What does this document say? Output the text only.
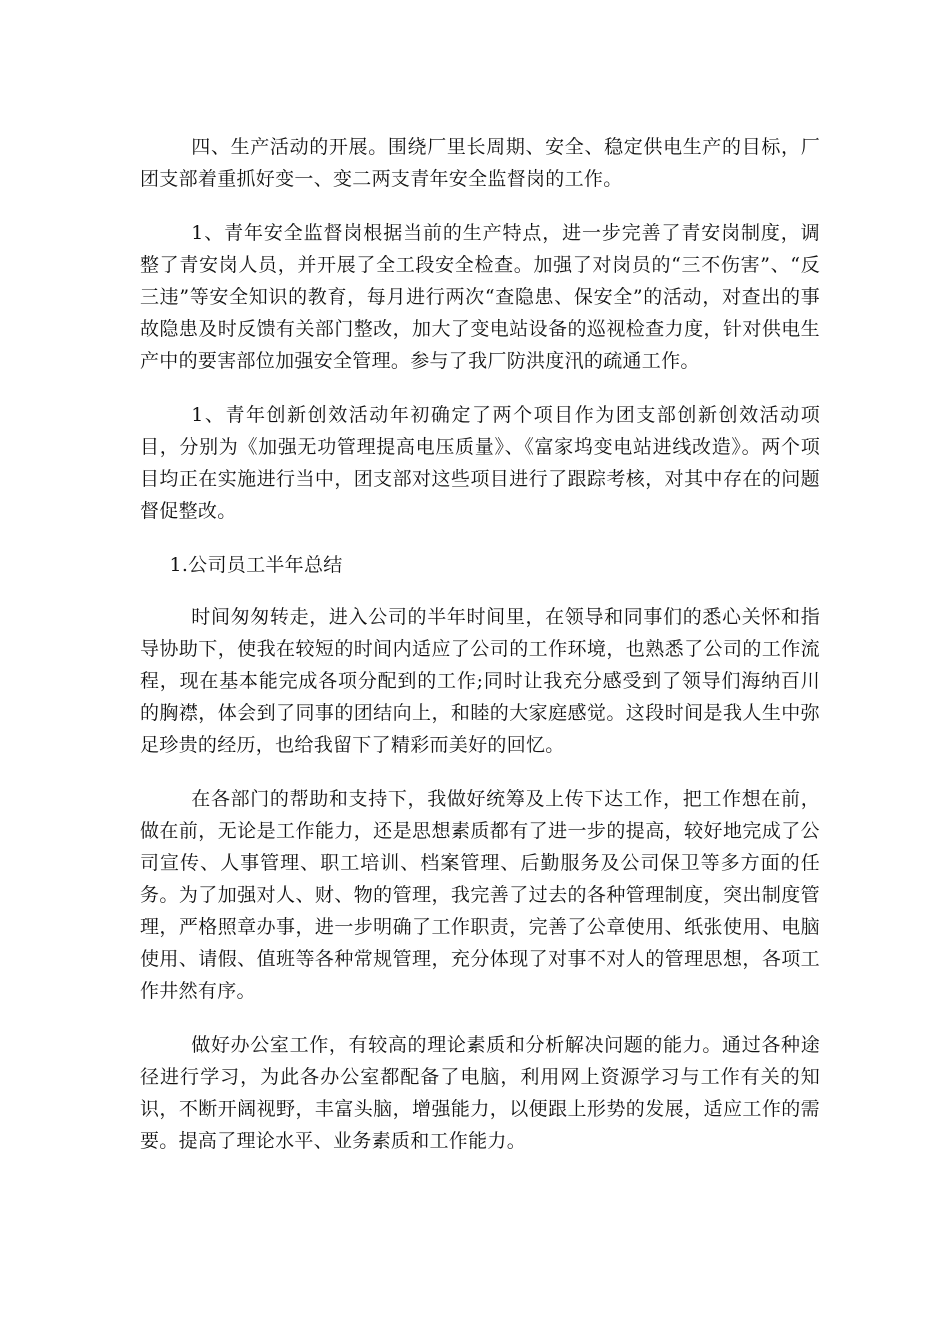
四、生产活动的开展。围绕厂里长周期、安全、稳定供电生产的目标，厂团支部着重抓好变一、变二两支青年安全监督岗的工作。

1、青年安全监督岗根据当前的生产特点，进一步完善了青安岗制度，调整了青安岗人员，并开展了全工段安全检查。加强了对岗员的“三不伤害”、“反三违”等安全知识的教育，每月进行两次“查隐患、保安全”的活动，对查出的事故隐患及时反馈有关部门整改，加大了变电站设备的巡视检查力度，针对供电生产中的要害部位加强安全管理。参与了我厂防洪度汛的疏通工作。

1、青年创新创效活动年初确定了两个项目作为团支部创新创效活动项目，分别为《加强无功管理提高电压质量》、《富家坞变电站进线改造》。两个项目均正在实施进行当中，团支部对这些项目进行了跟踪考核，对其中存在的问题督促整改。

1.公司员工半年总结

时间匆匆转走，进入公司的半年时间里，在领导和同事们的悉心关怀和指导协助下，使我在较短的时间内适应了公司的工作环境，也熟悉了公司的工作流程，现在基本能完成各项分配到的工作;同时让我充分感受到了领导们海纳百川的胸襟，体会到了同事的团结向上，和睦的大家庭感觉。这段时间是我人生中弥足珍贵的经历，也给我留下了精彩而美好的回忆。

在各部门的帮助和支持下，我做好统筹及上传下达工作，把工作想在前，做在前，无论是工作能力，还是思想素质都有了进一步的提高，较好地完成了公司宣传、人事管理、职工培训、档案管理、后勤服务及公司保卫等多方面的任务。为了加强对人、财、物的管理，我完善了过去的各种管理制度，突出制度管理，严格照章办事，进一步明确了工作职责，完善了公章使用、纸张使用、电脑使用、请假、值班等各种常规管理，充分体现了对事不对人的管理思想，各项工作井然有序。

做好办公室工作，有较高的理论素质和分析解决问题的能力。通过各种途径进行学习，为此各办公室都配备了电脑，利用网上资源学习与工作有关的知识，不断开阔视野，丰富头脑，增强能力，以便跟上形势的发展，适应工作的需要。提高了理论水平、业务素质和工作能力。
